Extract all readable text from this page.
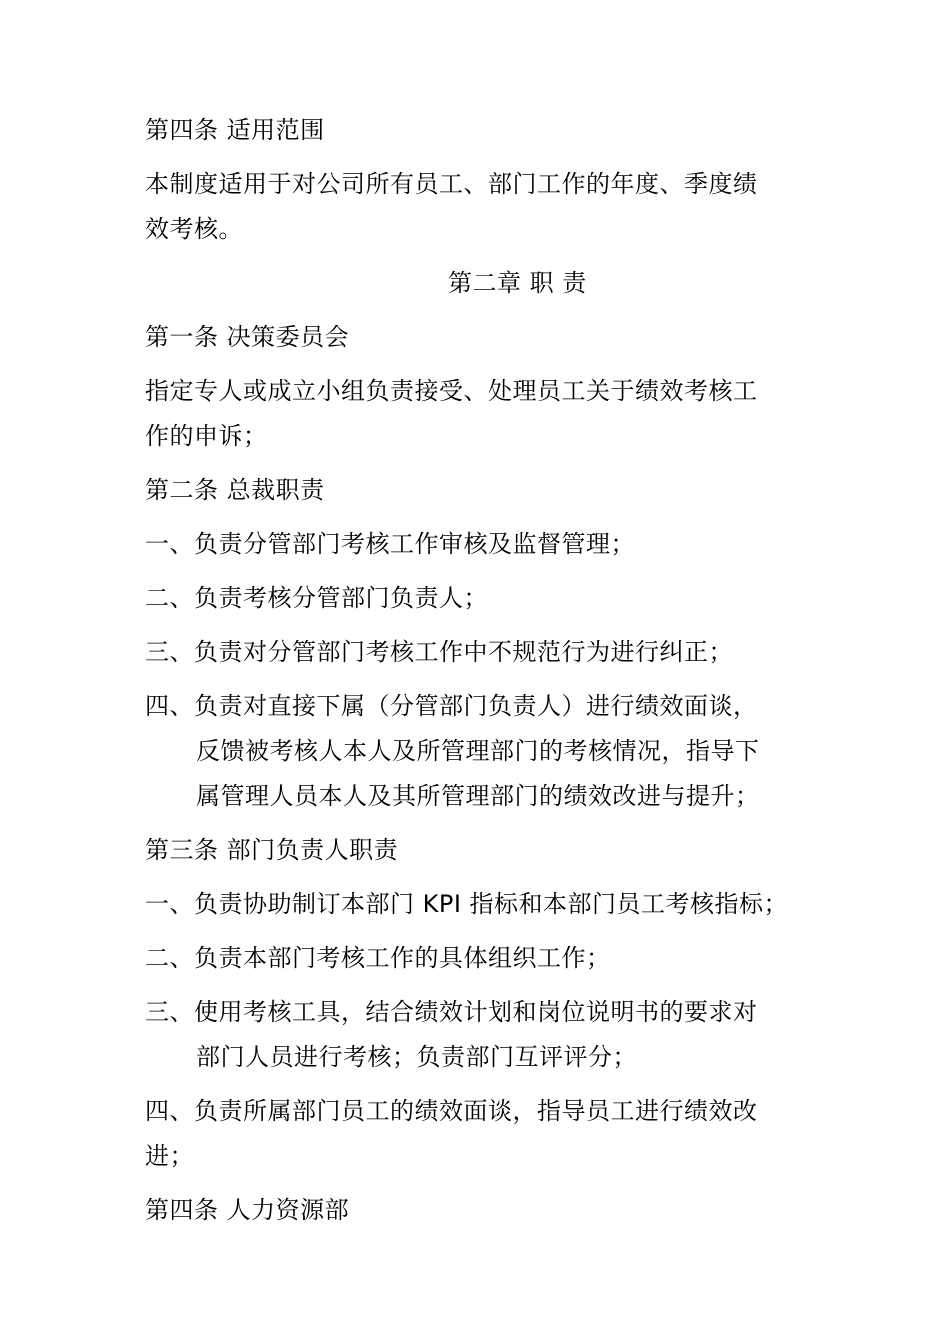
第四条 适用范围
本制度适用于对公司所有员工、部门工作的年度、季度绩
效考核。
第二章 职 责
第一条 决策委员会
指定专人或成立小组负责接受、处理员工关于绩效考核工
作的申诉；
第二条 总裁职责
一、负责分管部门考核工作审核及监督管理；
二、负责考核分管部门负责人；
三、负责对分管部门考核工作中不规范行为进行纠正；
四、负责对直接下属（分管部门负责人）进行绩效面谈，
反馈被考核人本人及所管理部门的考核情况，指导下
属管理人员本人及其所管理部门的绩效改进与提升；
第三条 部门负责人职责
一、负责协助制订本部门 KPI 指标和本部门员工考核指标；
二、负责本部门考核工作的具体组织工作；
三、使用考核工具，结合绩效计划和岗位说明书的要求对
部门人员进行考核；负责部门互评评分；
四、负责所属部门员工的绩效面谈，指导员工进行绩效改
进；
第四条 人力资源部
